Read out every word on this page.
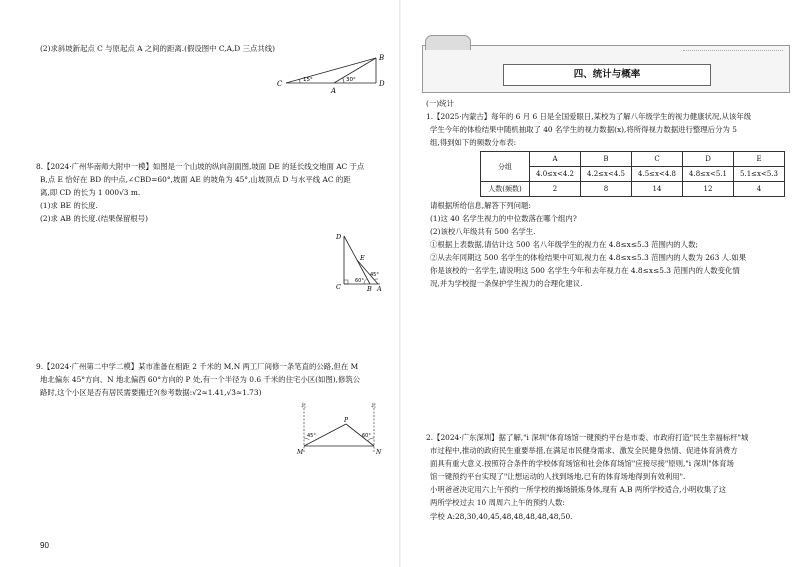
(2)求斜坡新起点 C 与原起点 A 之间的距离.(假设图中 C,A,D 三点共线)
C
A
D
B
15°	30°
8.【2024·广州华南师大附中一模】如图是一个山坡的纵向剖面图,坡面 DE 的延长线交地面 AC 于点
B,点 E 恰好在 BD 的中点,∠CBD=60°,坡面 AE 的坡角为 45°,山坡顶点 D 与水平线 AC 的距
离,即 CD 的长为 1 000√3 m.
(1)求 BE 的长度.
(2)求 AB 的长度.(结果保留根号)
D
E
C	B A
45°
60°
9.【2024·广州第二中学二模】某市准备在相距 2 千米的 M,N 两工厂间修一条笔直的公路,但在 M
地北偏东 45°方向、N 地北偏西 60°方向的 P 处,有一个半径为 0.6 千米的住宅小区(如图),修筑公
路时,这个小区是否有居民需要搬迁?(参考数据:√2≈1.41,√3≈1.73)
北	北
P
M	N
45°	60°
90
四、统计与概率
(一)统计
1.【2025·内蒙古】每年的 6 月 6 日是全国爱眼日,某校为了解八年级学生的视力健康状况,从该年级
学生今年的体检结果中随机抽取了 40 名学生的视力数据(x),将所得视力数据进行整理后分为 5
组,得到如下的频数分布表:
分组	A	B	C	D	E
	4.0≤x<4.2	4.2≤x<4.5	4.5≤x<4.8	4.8≤x<5.1	5.1≤x<5.3
人数(频数)	2	8	14	12	4
请根据所给信息,解答下列问题:
(1)这 40 名学生视力的中位数落在哪个组内?
(2)该校八年级共有 500 名学生.
①根据上表数据,请估计这 500 名八年级学生的视力在 4.8≤x≤5.3 范围内的人数;
②从去年同期这 500 名学生的体检结果中可知,视力在 4.8≤x≤5.3 范围内的人数为 263 人.如果
你是该校的一名学生,请说明这 500 名学生今年和去年视力在 4.8≤x≤5.3 范围内的人数变化情
况,并为学校提一条保护学生视力的合理化建议.
2.【2024·广东深圳】据了解,"i 深圳"体育场馆一键预约平台是市委、市政府打造"民生幸福标杆"城
市过程中,推动的政府民生重要举措,在满足市民健身需求、激发全民健身热情、促进体育消费方
面具有重大意义.按照符合条件的学校体育场馆和社会体育场馆"应接尽接"原则,"i 深圳"体育场
馆一键预约平台实现了"让想运动的人找到场地,已有的体育场地得到有效利用".
小明爸爸决定用六上午预约一所学校的操场锻炼身体,现有 A,B 两所学校适合,小明收集了这
两所学校过去 10 周周六上午的预约人数:
学校 A:28,30,40,45,48,48,48,48,48,50.
